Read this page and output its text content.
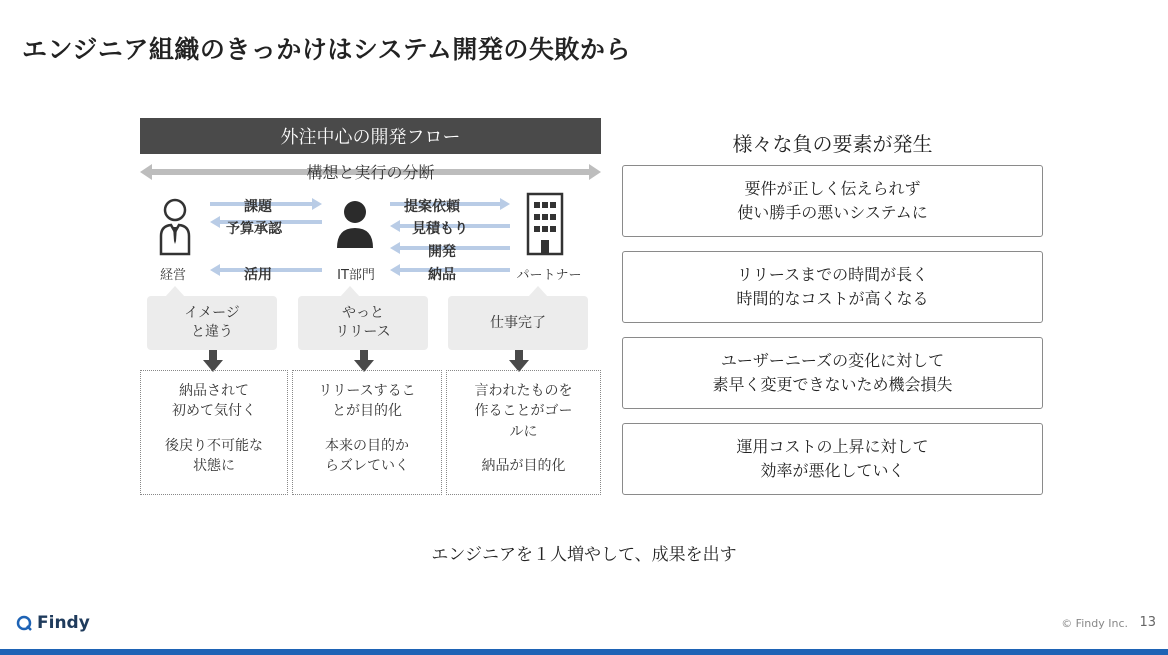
エンジニア組織のきっかけはシステム開発の失敗から
外注中心の開発フロー
構想と実行の分断
経営	IT部門	パートナー
課題
予算承認
活用
提案依頼
見積もり
開発
納品
イメージ
と違う
やっと
リリース
仕事完了
納品されて
初めて気付く
後戻り不可能な
状態に
リリースするこ
とが目的化
本来の目的か
らズレていく
言われたものを
作ることがゴー
ルに
納品が目的化
様々な負の要素が発生
要件が正しく伝えられず
使い勝手の悪いシステムに
リリースまでの時間が長く
時間的なコストが高くなる
ユーザーニーズの変化に対して
素早く変更できないため機会損失
運用コストの上昇に対して
効率が悪化していく
エンジニアを１人増やして、成果を出す
Findy	© Findy Inc. 13
